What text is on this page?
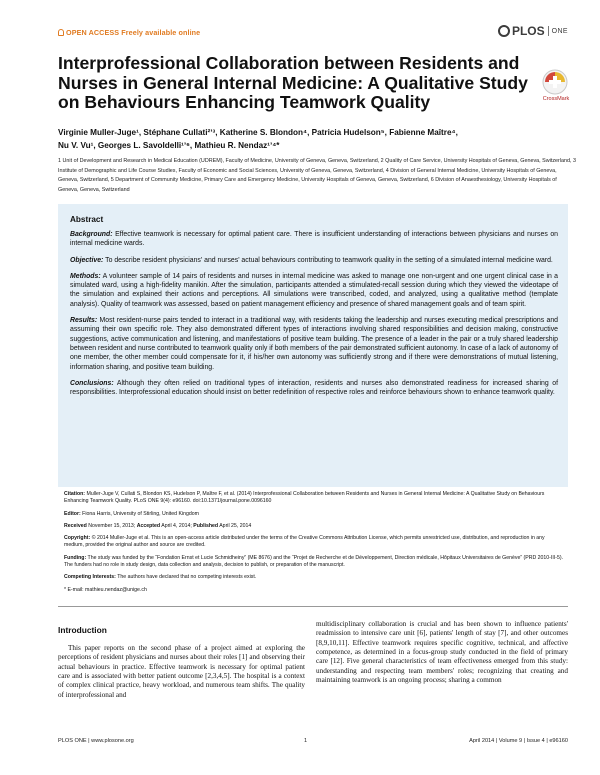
OPEN ACCESS Freely available online	PLOS ONE
Interprofessional Collaboration between Residents and Nurses in General Internal Medicine: A Qualitative Study on Behaviours Enhancing Teamwork Quality	CrossMark
Virginie Muller-Juge¹, Stéphane Cullati²ʼ³, Katherine S. Blondon⁴, Patricia Hudelson⁵, Fabienne Maître⁴,
Nu V. Vu¹, Georges L. Savoldelli¹ʼ⁶, Mathieu R. Nendaz¹ʼ⁴*
1 Unit of Development and Research in Medical Education (UDREM), Faculty of Medicine, University of Geneva, Geneva, Switzerland, 2 Quality of Care Service, University Hospitals of Geneva, Geneva, Switzerland, 3 Institute of Demographic and Life Course Studies, Faculty of Economic and Social Sciences, University of Geneva, Geneva, Switzerland, 4 Division of General Internal Medicine, University Hospitals of Geneva, Geneva, Switzerland, 5 Department of Community Medicine, Primary Care and Emergency Medicine, University Hospitals of Geneva, Geneva, Switzerland, 6 Division of Anaesthesiology, University Hospitals of Geneva, Geneva, Switzerland
Abstract

Background: Effective teamwork is necessary for optimal patient care. There is insufficient understanding of interactions between physicians and nurses on internal medicine wards.

Objective: To describe resident physicians' and nurses' actual behaviours contributing to teamwork quality in the setting of a simulated internal medicine ward.

Methods: A volunteer sample of 14 pairs of residents and nurses in internal medicine was asked to manage one non-urgent and one urgent clinical case in a simulated ward, using a high-fidelity manikin. After the simulation, participants attended a stimulated-recall session during which they viewed the videotape of the simulation and explained their actions and perceptions. All simulations were transcribed, coded, and analyzed, using a qualitative method (template analysis). Quality of teamwork was assessed, based on patient management efficiency and presence of shared management goals and of team spirit.

Results: Most resident-nurse pairs tended to interact in a traditional way, with residents taking the leadership and nurses executing medical prescriptions and assuming their own specific role. They also demonstrated different types of interactions involving shared responsibilities and decision making, constructive suggestions, active communication and listening, and manifestations of positive team building. The presence of a leader in the pair or a truly shared leadership between resident and nurse contributed to teamwork quality only if both members of the pair demonstrated sufficient autonomy. In case of a lack of autonomy of one member, the other member could compensate for it, if his/her own autonomy was sufficiently strong and if there were demonstrations of mutual listening, information sharing, and positive team building.

Conclusions: Although they often relied on traditional types of interaction, residents and nurses also demonstrated readiness for increased sharing of responsibilities. Interprofessional education should insist on better redefinition of respective roles and reinforce behaviours shown to enhance teamwork quality.

Citation: Muller-Juge V, Cullati S, Blondon KS, Hudelson P, Maître F, et al. (2014) Interprofessional Collaboration between Residents and Nurses in General Internal Medicine: A Qualitative Study on Behaviours Enhancing Teamwork Quality. PLoS ONE 9(4): e96160. doi:10.1371/journal.pone.0096160

Editor: Fiona Harris, University of Stirling, United Kingdom

Received November 15, 2013; Accepted April 4, 2014; Published April 25, 2014

Copyright: © 2014 Muller-Juge et al. This is an open-access article distributed under the terms of the Creative Commons Attribution License, which permits unrestricted use, distribution, and reproduction in any medium, provided the original author and source are credited.

Funding: The study was funded by the “Fondation Ernst et Lucie Schmidheiny” (ME 8676) and the “Projet de Recherche et de Développement, Direction médicale, Hôpitaux Universitaires de Genève” (PRD 2010-III-5). The funders had no role in study design, data collection and analysis, decision to publish, or preparation of the manuscript.

Competing Interests: The authors have declared that no competing interests exist.

* E-mail: mathieu.nendaz@unige.ch

Introduction
This paper reports on the second phase of a project aimed at exploring the perceptions of resident physicians and nurses about their roles [1] and observing their actual behaviours in practice. Effective teamwork is necessary for optimal patient care and is associated with better patient outcome [2,3,4,5]. The hospital is a context of complex clinical practice, heavy workload, and numerous team shifts. The quality of interprofessional and
multidisciplinary collaboration is crucial and has been shown to influence patients' readmission to intensive care unit [6], patients' length of stay [7], and other outcomes [8,9,10,11]. Effective teamwork requires specific cognitive, technical, and affective competence, as determined in a focus-group study conducted in the field of primary care [12]. Five general characteristics of team effectiveness emerged from this study: understanding and respecting team members' roles; recognizing that creating and maintaining teamwork is an ongoing process; sharing a common
PLOS ONE | www.plosone.org	1	April 2014 | Volume 9 | Issue 4 | e96160
